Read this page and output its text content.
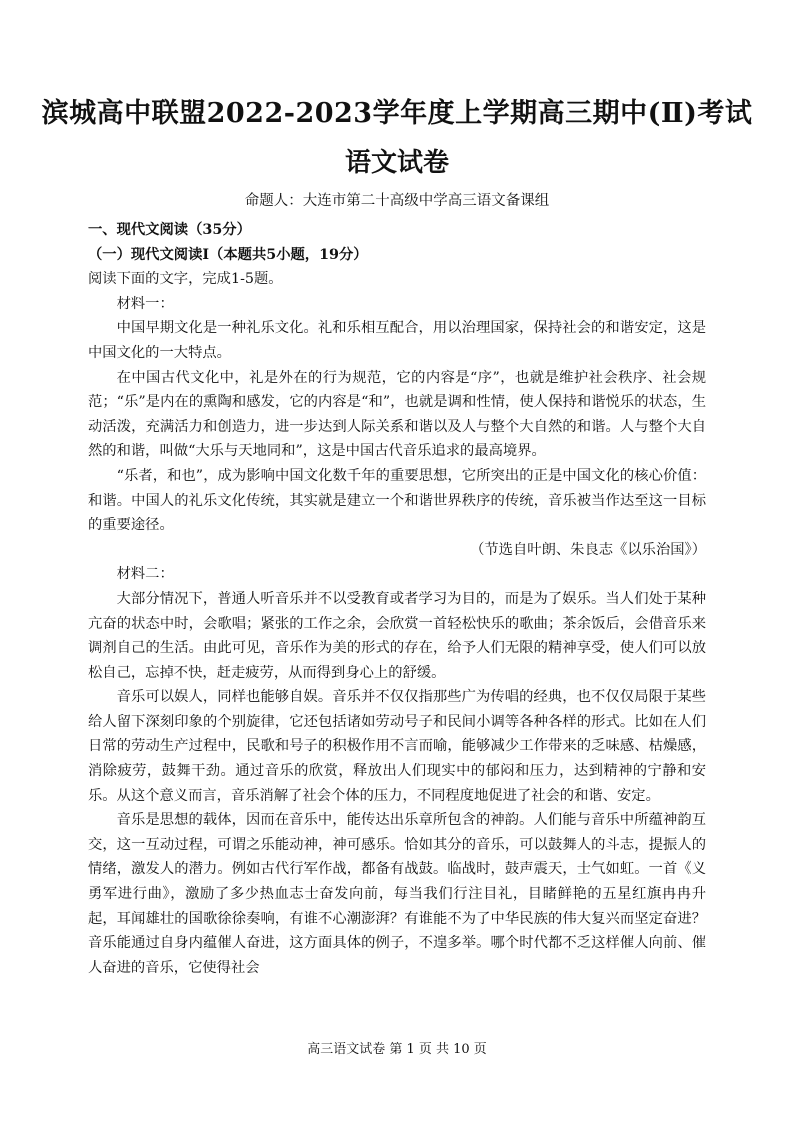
滨城高中联盟2022-2023学年度上学期高三期中(Ⅱ)考试
语文试卷
命题人：大连市第二十高级中学高三语文备课组

一、现代文阅读（35分）

（一）现代文阅读Ⅰ（本题共5小题，19分）

阅读下面的文字，完成1-5题。

材料一：

中国早期文化是一种礼乐文化。礼和乐相互配合，用以治理国家，保持社会的和谐安定，这是中国文化的一大特点。

在中国古代文化中，礼是外在的行为规范，它的内容是“序”，也就是维护社会秩序、社会规范；“乐”是内在的熏陶和感发，它的内容是“和”，也就是调和性情，使人保持和谐悦乐的状态，生动活泼，充满活力和创造力，进一步达到人际关系和谐以及人与整个大自然的和谐。人与整个大自然的和谐，叫做“大乐与天地同和”，这是中国古代音乐追求的最高境界。

“乐者，和也”，成为影响中国文化数千年的重要思想，它所突出的正是中国文化的核心价值：和谐。中国人的礼乐文化传统，其实就是建立一个和谐世界秩序的传统，音乐被当作达至这一目标的重要途径。

（节选自叶朗、朱良志《以乐治国》）

材料二：

大部分情况下，普通人听音乐并不以受教育或者学习为目的，而是为了娱乐。当人们处于某种亢奋的状态中时，会歌唱；紧张的工作之余，会欣赏一首轻松快乐的歌曲；茶余饭后，会借音乐来调剂自己的生活。由此可见，音乐作为美的形式的存在，给予人们无限的精神享受，使人们可以放松自己，忘掉不快，赶走疲劳，从而得到身心上的舒缓。

音乐可以娱人，同样也能够自娱。音乐并不仅仅指那些广为传唱的经典，也不仅仅局限于某些给人留下深刻印象的个别旋律，它还包括诸如劳动号子和民间小调等各种各样的形式。比如在人们日常的劳动生产过程中，民歌和号子的积极作用不言而喻，能够减少工作带来的乏味感、枯燥感，消除疲劳，鼓舞干劲。通过音乐的欣赏，释放出人们现实中的郁闷和压力，达到精神的宁静和安乐。从这个意义而言，音乐消解了社会个体的压力，不同程度地促进了社会的和谐、安定。

音乐是思想的载体，因而在音乐中，能传达出乐章所包含的神韵。人们能与音乐中所蕴神韵互交，这一互动过程，可谓之乐能动神，神可感乐。恰如其分的音乐，可以鼓舞人的斗志，提振人的情绪，激发人的潜力。例如古代行军作战，都备有战鼓。临战时，鼓声震天，士气如虹。一首《义勇军进行曲》，激励了多少热血志士奋发向前，每当我们行注目礼，目睹鲜艳的五星红旗冉冉升起，耳闻雄壮的国歌徐徐奏响，有谁不心潮澎湃？有谁能不为了中华民族的伟大复兴而坚定奋进？音乐能通过自身内蕴催人奋进，这方面具体的例子，不遑多举。哪个时代都不乏这样催人向前、催人奋进的音乐，它使得社会

高三语文试卷 第 1 页 共 10 页
